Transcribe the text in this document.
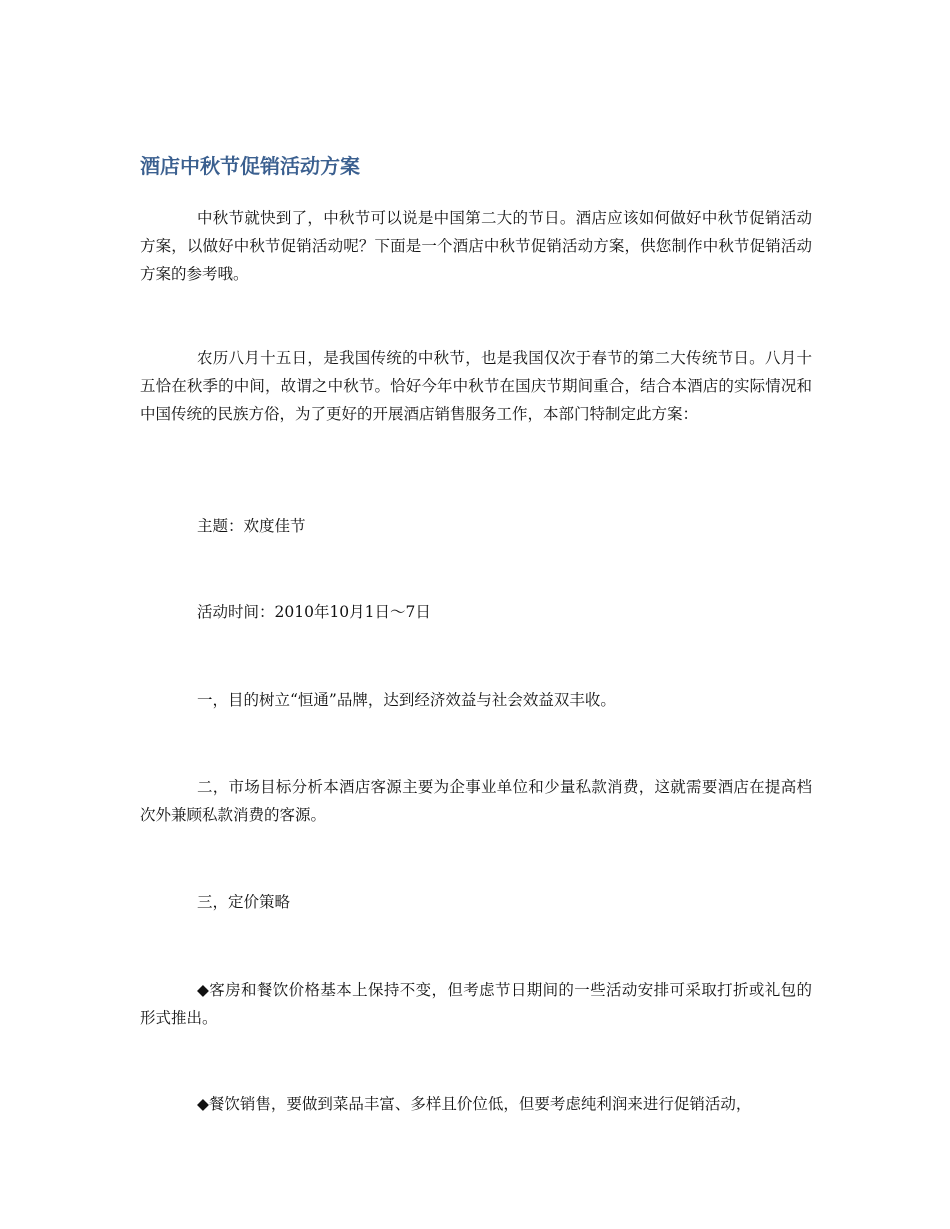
酒店中秋节促销活动方案

中秋节就快到了，中秋节可以说是中国第二大的节日。酒店应该如何做好中秋节促销活动方案，以做好中秋节促销活动呢？下面是一个酒店中秋节促销活动方案，供您制作中秋节促销活动方案的参考哦。

农历八月十五日，是我国传统的中秋节，也是我国仅次于春节的第二大传统节日。八月十五恰在秋季的中间，故谓之中秋节。恰好今年中秋节在国庆节期间重合，结合本酒店的实际情况和中国传统的民族方俗，为了更好的开展酒店销售服务工作，本部门特制定此方案：

主题：欢度佳节

活动时间：2010年10月1日～7日

一，目的树立“恒通”品牌，达到经济效益与社会效益双丰收。

二，市场目标分析本酒店客源主要为企事业单位和少量私款消费，这就需要酒店在提高档次外兼顾私款消费的客源。

三，定价策略

◆客房和餐饮价格基本上保持不变，但考虑节日期间的一些活动安排可采取打折或礼包的形式推出。

◆餐饮销售，要做到菜品丰富、多样且价位低，但要考虑纯利润来进行促销活动，
